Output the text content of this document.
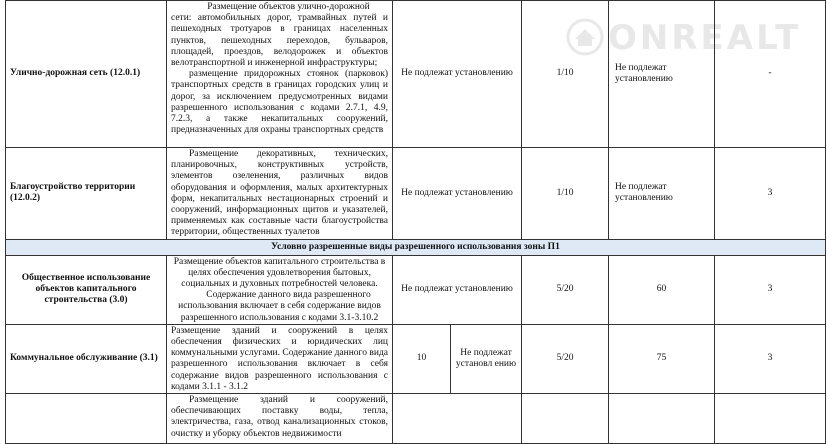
ONREALT
Улично-дорожная сеть (12.0.1)	Размещение объектов улично-дорожной
сети: автомобильных дорог, трамвайных путей и пешеходных тротуаров в границах населенных пунктов, пешеходных переходов, бульваров, площадей, проездов, велодорожек и объектов велотранспортной и инженерной инфраструктуры;
размещение придорожных стоянок (парковок) транспортных средств в границах городских улиц и дорог, за исключением предусмотренных видами разрешенного использования с кодами 2.7.1, 4.9, 7.2.3, а также некапитальных сооружений, предназначенных для охраны транспортных средств	Не подлежат установлению		1/10	Не подлежат установлению	-
Благоустройство территории (12.0.2)	Размещение декоративных, технических, планировочных, конструктивных устройств, элементов озеленения, различных видов оборудования и оформления, малых архитектурных форм, некапитальных нестационарных строений и сооружений, информационных щитов и указателей, применяемых как составные части благоустройства территории, общественных туалетов	Не подлежат установлению		1/10	Не подлежат установлению	3
Условно разрешенные виды разрешенного использования зоны П1						
Общественное использование объектов капитального строительства (3.0)	Размещение объектов капитального строительства в целях обеспечения удовлетворения бытовых, социальных и духовных потребностей человека.
Содержание данного вида разрешенного использования включает в себя содержание видов разрешенного использования с кодами 3.1-3.10.2	Не подлежат установлению		5/20	60	3
Коммунальное обслуживание (3.1)	Размещение зданий и сооружений в целях обеспечения физических и юридических лиц коммунальными услугами. Содержание данного вида разрешенного использования включает в себя содержание видов разрешенного использования с кодами 3.1.1 - 3.1.2	10	Не подлежат установл ению	5/20	75	3
	Размещение зданий и сооружений, обеспечивающих поставку воды, тепла, электричества, газа, отвод канализационных стоков, очистку и уборку объектов недвижимости					
